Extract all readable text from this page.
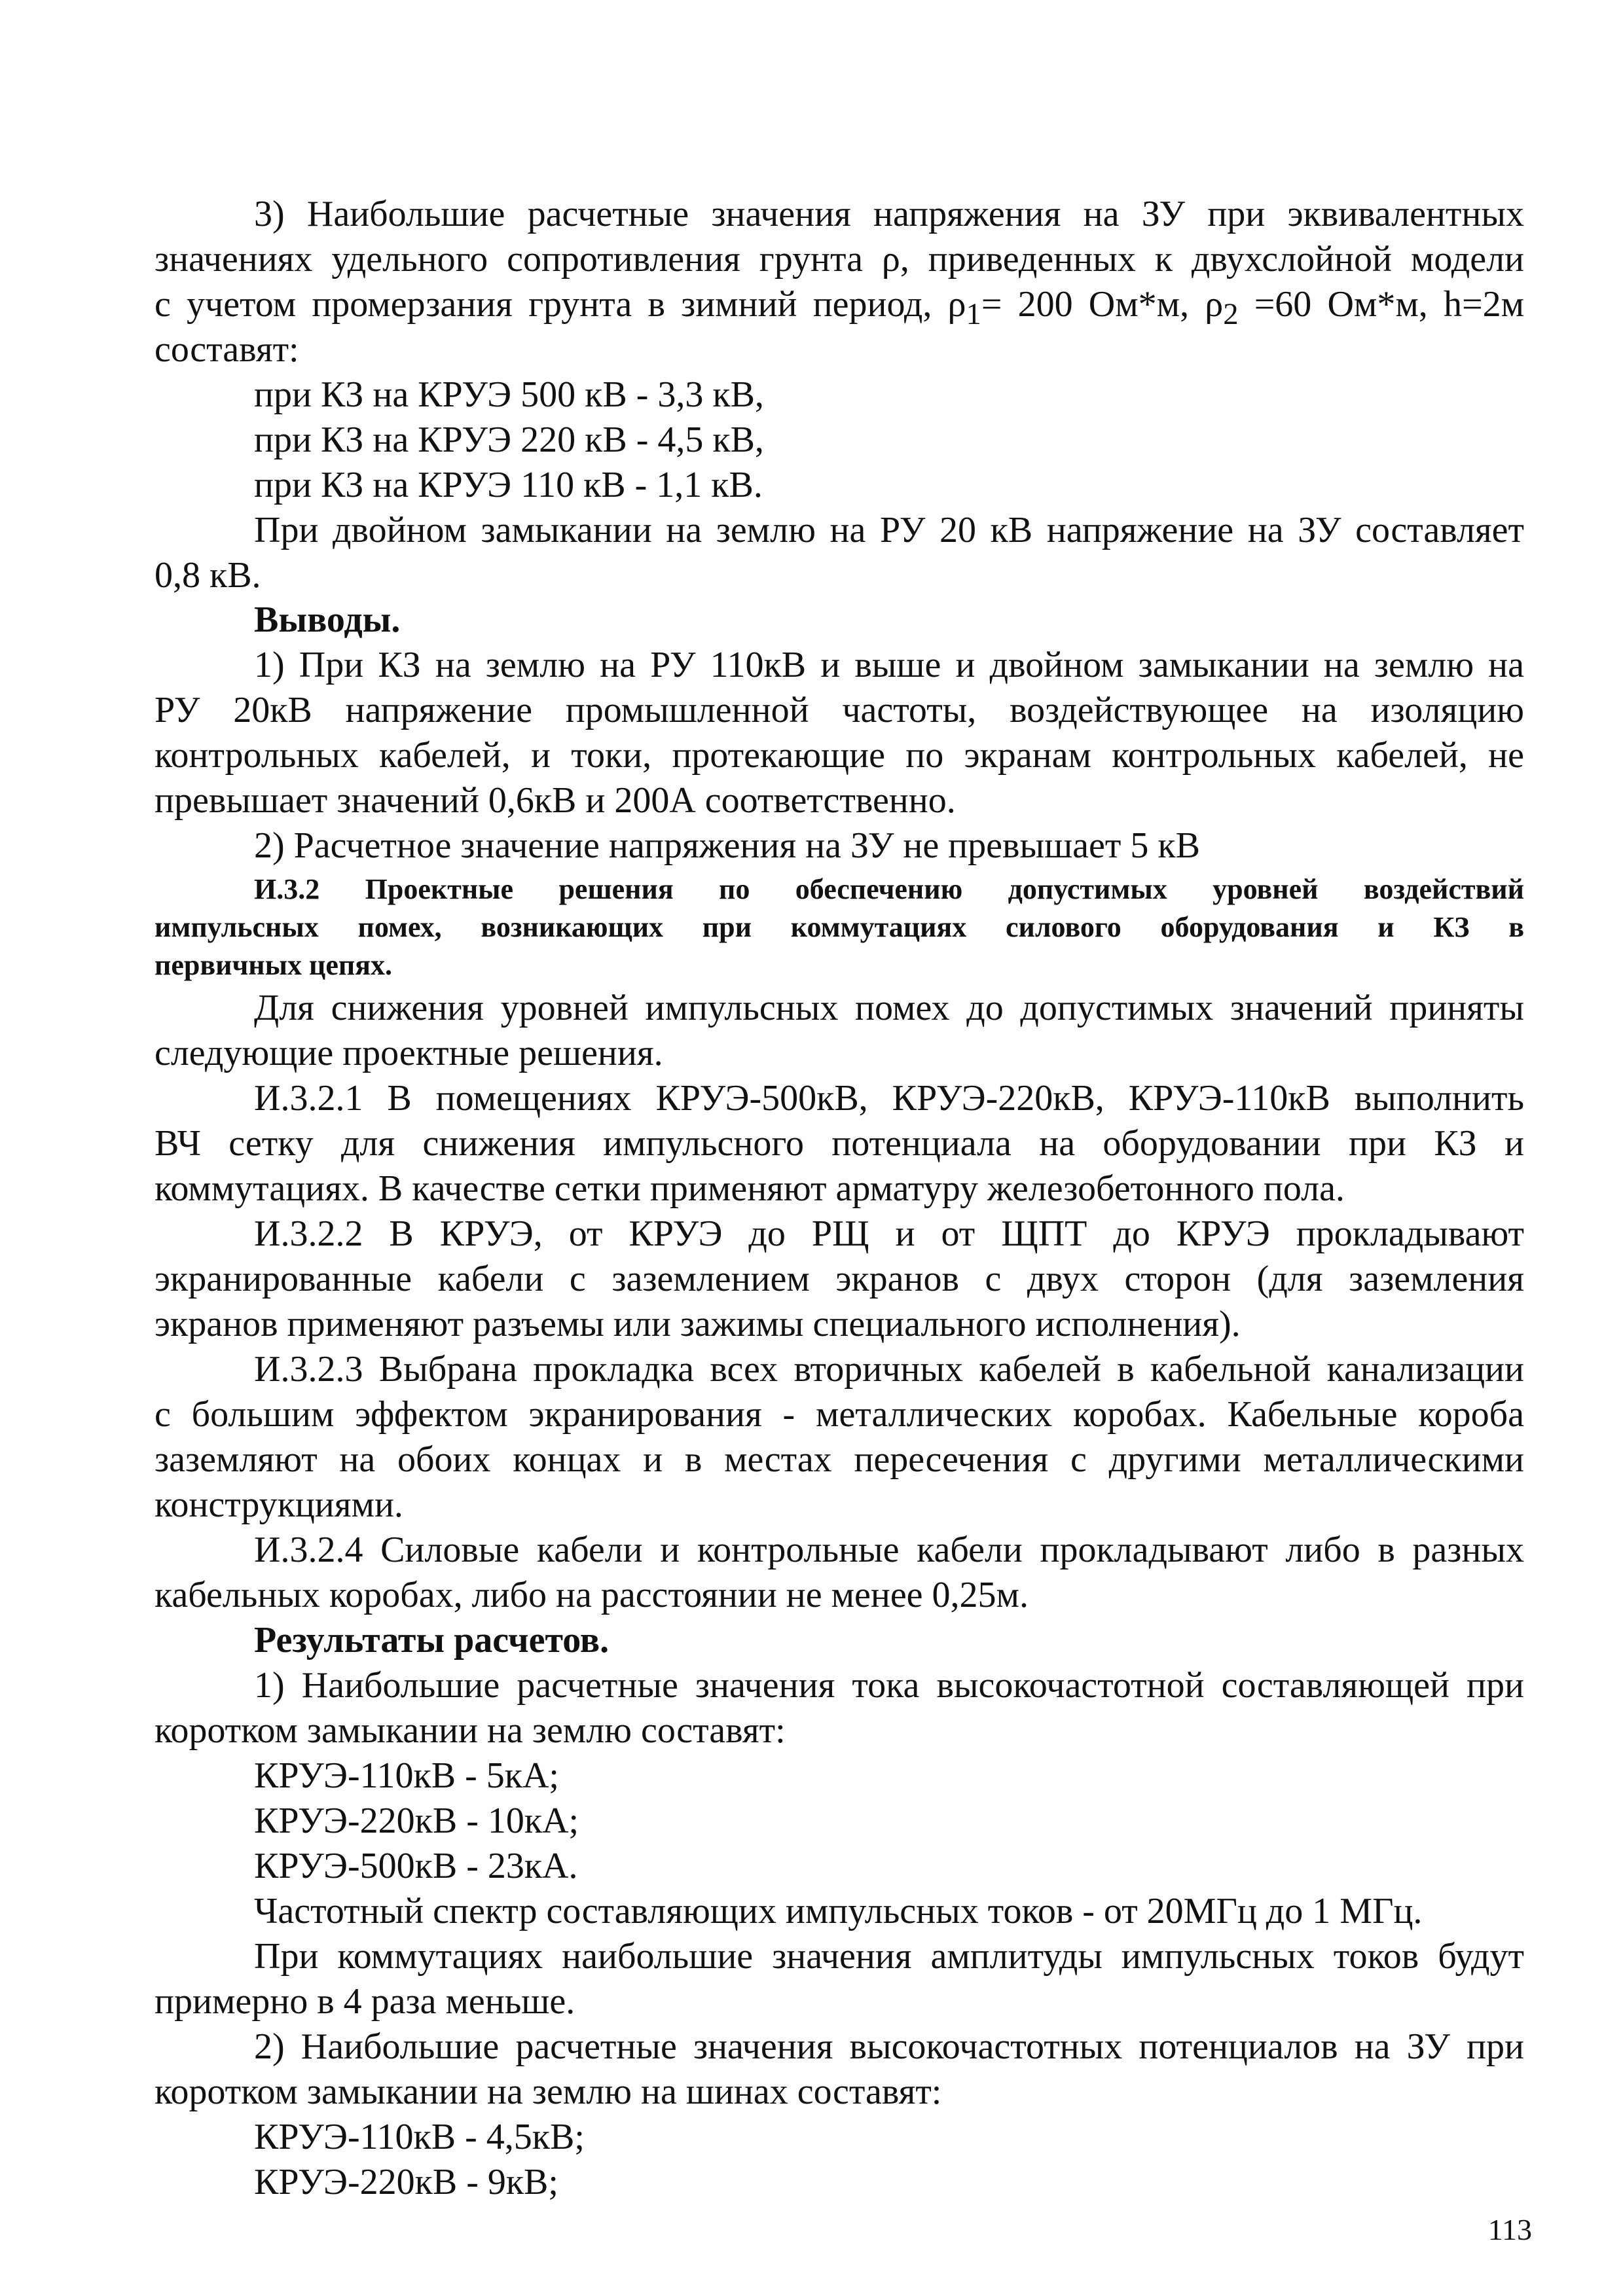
3) Наибольшие расчетные значения напряжения на ЗУ при эквивалентных
значениях удельного сопротивления грунта ρ, приведенных к двухслойной модели
с учетом промерзания грунта в зимний период, $\rho_1= 200$ Ом*м, $\rho_2 =60$ Ом*м, h=2м
составят:
при КЗ на КРУЭ 500 кВ - 3,3 кВ,
при КЗ на КРУЭ 220 кВ - 4,5 кВ,
при КЗ на КРУЭ 110 кВ - 1,1 кВ.
При двойном замыкании на землю на РУ 20 кВ напряжение на ЗУ составляет
0,8 кВ.
Выводы.
1) При КЗ на землю на РУ 110кВ и выше и двойном замыкании на землю на
РУ 20кВ напряжение промышленной частоты, воздействующее на изоляцию
контрольных кабелей, и токи, протекающие по экранам контрольных кабелей, не
превышает значений 0,6кВ и 200А соответственно.
2) Расчетное значение напряжения на ЗУ не превышает 5 кВ
И.3.2 Проектные решения по обеспечению допустимых уровней воздействий
импульсных помех, возникающих при коммутациях силового оборудования и КЗ в
первичных цепях.
Для снижения уровней импульсных помех до допустимых значений приняты
следующие проектные решения.
И.3.2.1 В помещениях КРУЭ-500кВ, КРУЭ-220кВ, КРУЭ-110кВ выполнить
ВЧ сетку для снижения импульсного потенциала на оборудовании при КЗ и
коммутациях. В качестве сетки применяют арматуру железобетонного пола.
И.3.2.2 В КРУЭ, от КРУЭ до РЩ и от ЩПТ до КРУЭ прокладывают
экранированные кабели с заземлением экранов с двух сторон (для заземления
экранов применяют разъемы или зажимы специального исполнения).
И.3.2.3 Выбрана прокладка всех вторичных кабелей в кабельной канализации
с большим эффектом экранирования - металлических коробах. Кабельные короба
заземляют на обоих концах и в местах пересечения с другими металлическими
конструкциями.
И.3.2.4 Силовые кабели и контрольные кабели прокладывают либо в разных
кабельных коробах, либо на расстоянии не менее 0,25м.
Результаты расчетов.
1) Наибольшие расчетные значения тока высокочастотной составляющей при
коротком замыкании на землю составят:
КРУЭ-110кВ - 5кА;
КРУЭ-220кВ - 10кА;
КРУЭ-500кВ - 23кА.
Частотный спектр составляющих импульсных токов - от 20МГц до 1 МГц.
При коммутациях наибольшие значения амплитуды импульсных токов будут
примерно в 4 раза меньше.
2) Наибольшие расчетные значения высокочастотных потенциалов на ЗУ при
коротком замыкании на землю на шинах составят:
КРУЭ-110кВ - 4,5кВ;
КРУЭ-220кВ - 9кВ;
113
